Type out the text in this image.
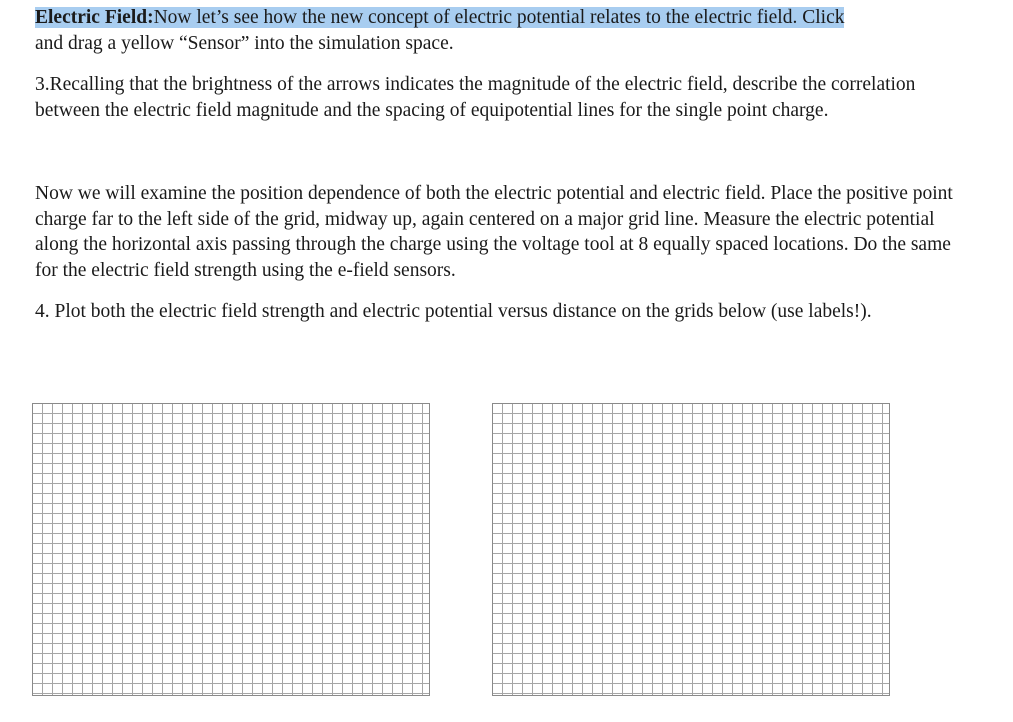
Electric Field:Now let’s see how the new concept of electric potential relates to the electric field. Click
and drag a yellow “Sensor” into the simulation space.

3.Recalling that the brightness of the arrows indicates the magnitude of the electric field, describe the correlation between the electric field magnitude and the spacing of equipotential lines for the single point charge.

Now we will examine the position dependence of both the electric potential and electric field. Place the positive point charge far to the left side of the grid, midway up, again centered on a major grid line. Measure the electric potential along the horizontal axis passing through the charge using the voltage tool at 8 equally spaced locations. Do the same for the electric field strength using the e-field sensors.

4. Plot both the electric field strength and electric potential versus distance on the grids below (use labels!).
